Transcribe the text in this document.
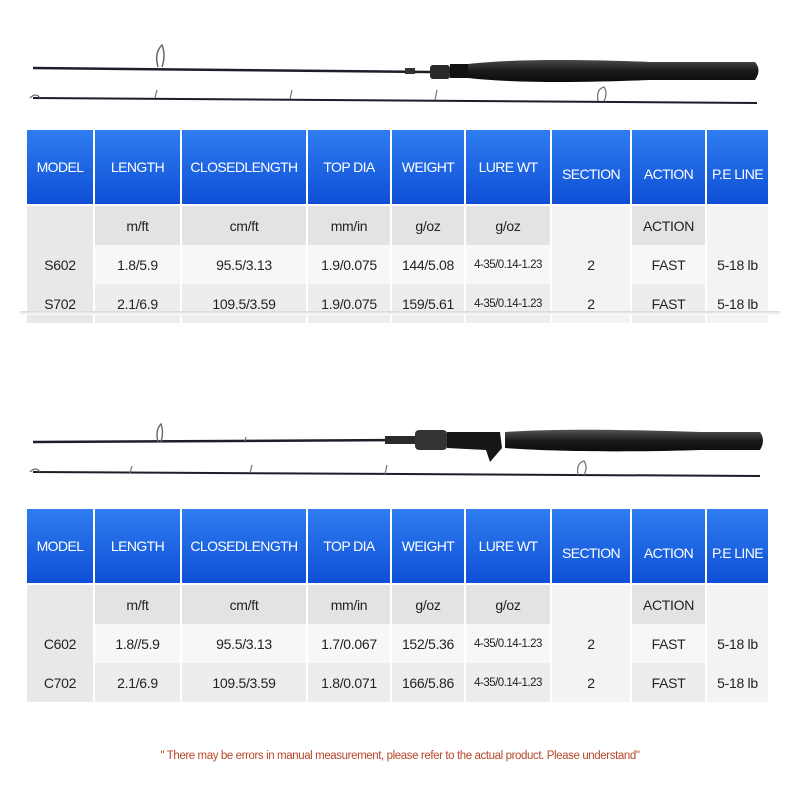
MODEL	LENGTH	CLOSEDLENGTH	TOP DIA	WEIGHT	LURE WT	SECTION	ACTION	P.E LINE
	m/ft	cm/ft	mm/in	g/oz	g/oz		ACTION	
S602	1.8/5.9	95.5/3.13	1.9/0.075	144/5.08	4-35/0.14-1.23	2	FAST	5-18 lb
S702	2.1/6.9	109.5/3.59	1.9/0.075	159/5.61	4-35/0.14-1.23	2	FAST	5-18 lb
MODEL	LENGTH	CLOSEDLENGTH	TOP DIA	WEIGHT	LURE WT	SECTION	ACTION	P.E LINE
	m/ft	cm/ft	mm/in	g/oz	g/oz		ACTION	
C602	1.8//5.9	95.5/3.13	1.7/0.067	152/5.36	4-35/0.14-1.23	2	FAST	5-18 lb
C702	2.1/6.9	109.5/3.59	1.8/0.071	166/5.86	4-35/0.14-1.23	2	FAST	5-18 lb
" There may be errors in manual measurement, please refer to the actual product. Please understand"
